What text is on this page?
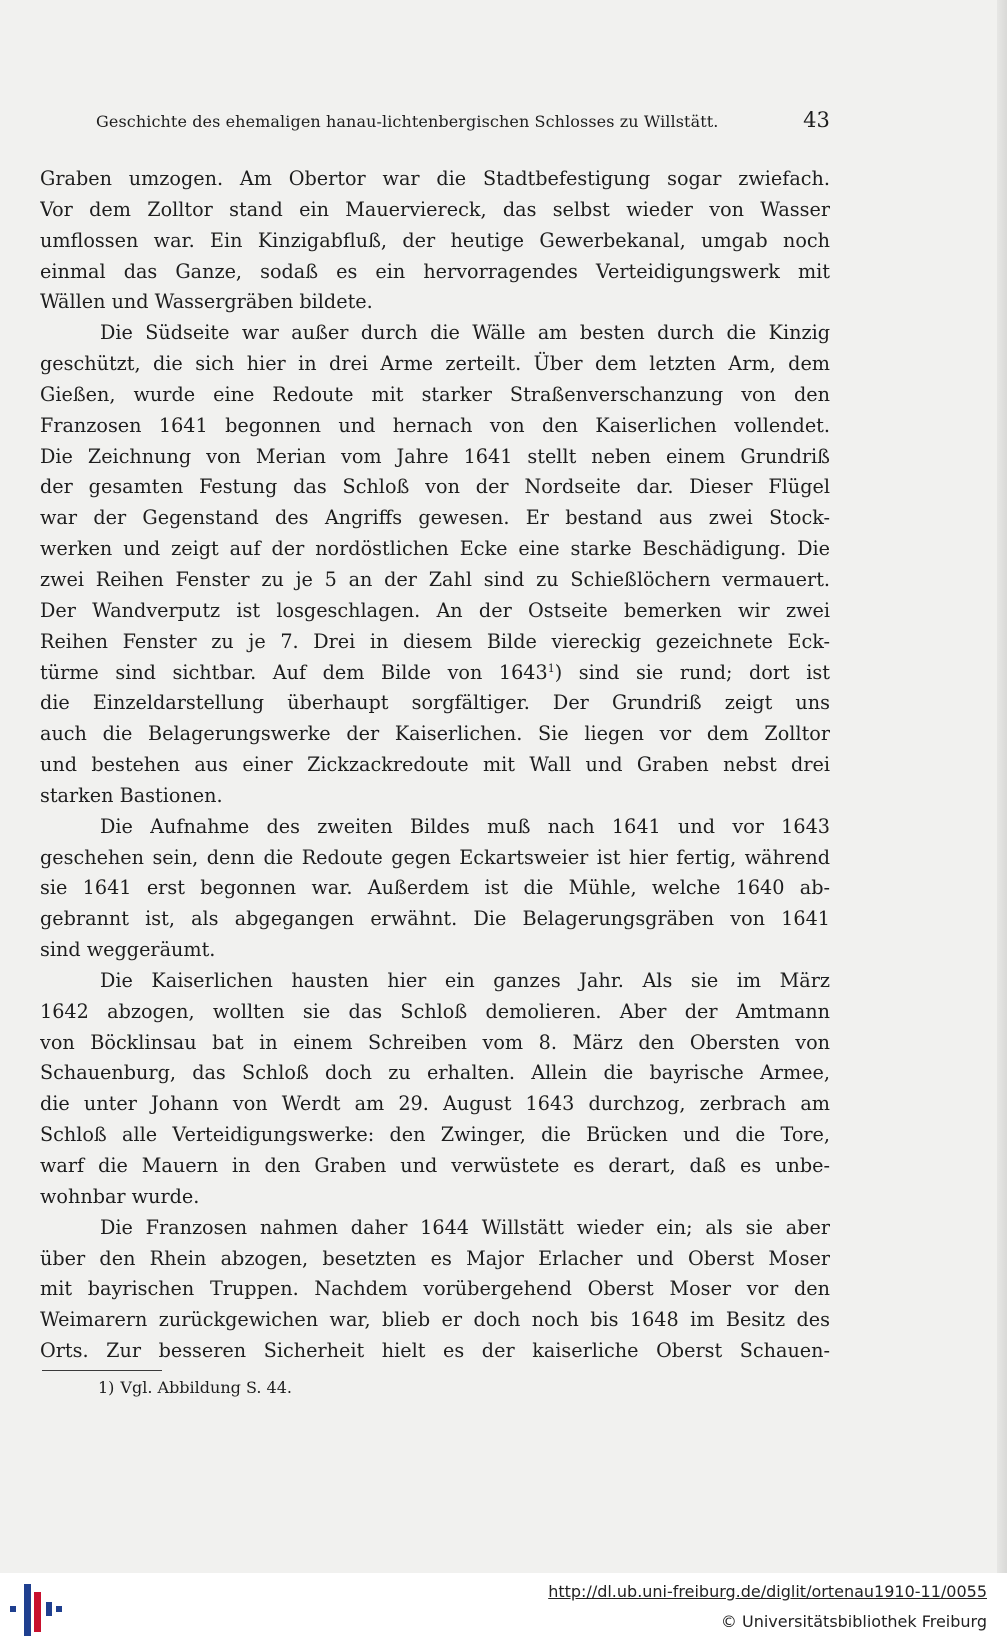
Geschichte des ehemaligen hanau-lichtenbergischen Schlosses zu Willstätt.	43
Graben umzogen. Am Obertor war die Stadtbefestigung sogar zwiefach.
Vor dem Zolltor stand ein Mauerviereck, das selbst wieder von Wasser
umflossen war. Ein Kinzigabfluß, der heutige Gewerbekanal, umgab noch
einmal das Ganze, sodaß es ein hervorragendes Verteidigungswerk mit
Wällen und Wassergräben bildete.
Die Südseite war außer durch die Wälle am besten durch die Kinzig
geschützt, die sich hier in drei Arme zerteilt. Über dem letzten Arm, dem
Gießen, wurde eine Redoute mit starker Straßenverschanzung von den
Franzosen 1641 begonnen und hernach von den Kaiserlichen vollendet.
Die Zeichnung von Merian vom Jahre 1641 stellt neben einem Grundriß
der gesamten Festung das Schloß von der Nordseite dar. Dieser Flügel
war der Gegenstand des Angriffs gewesen. Er bestand aus zwei Stock-
werken und zeigt auf der nordöstlichen Ecke eine starke Beschädigung. Die
zwei Reihen Fenster zu je 5 an der Zahl sind zu Schießlöchern vermauert.
Der Wandverputz ist losgeschlagen. An der Ostseite bemerken wir zwei
Reihen Fenster zu je 7. Drei in diesem Bilde viereckig gezeichnete Eck-
türme sind sichtbar. Auf dem Bilde von 1643$^1$) sind sie rund; dort ist
die Einzeldarstellung überhaupt sorgfältiger. Der Grundriß zeigt uns
auch die Belagerungswerke der Kaiserlichen. Sie liegen vor dem Zolltor
und bestehen aus einer Zickzackredoute mit Wall und Graben nebst drei
starken Bastionen.
Die Aufnahme des zweiten Bildes muß nach 1641 und vor 1643
geschehen sein, denn die Redoute gegen Eckartsweier ist hier fertig, während
sie 1641 erst begonnen war. Außerdem ist die Mühle, welche 1640 ab-
gebrannt ist, als abgegangen erwähnt. Die Belagerungsgräben von 1641
sind weggeräumt.
Die Kaiserlichen hausten hier ein ganzes Jahr. Als sie im März
1642 abzogen, wollten sie das Schloß demolieren. Aber der Amtmann
von Böcklinsau bat in einem Schreiben vom 8. März den Obersten von
Schauenburg, das Schloß doch zu erhalten. Allein die bayrische Armee,
die unter Johann von Werdt am 29. August 1643 durchzog, zerbrach am
Schloß alle Verteidigungswerke: den Zwinger, die Brücken und die Tore,
warf die Mauern in den Graben und verwüstete es derart, daß es unbe-
wohnbar wurde.
Die Franzosen nahmen daher 1644 Willstätt wieder ein; als sie aber
über den Rhein abzogen, besetzten es Major Erlacher und Oberst Moser
mit bayrischen Truppen. Nachdem vorübergehend Oberst Moser vor den
Weimarern zurückgewichen war, blieb er doch noch bis 1648 im Besitz des
Orts. Zur besseren Sicherheit hielt es der kaiserliche Oberst Schauen-
1) Vgl. Abbildung S. 44.
http://dl.ub.uni-freiburg.de/diglit/ortenau1910-11/0055
© Universitätsbibliothek Freiburg
